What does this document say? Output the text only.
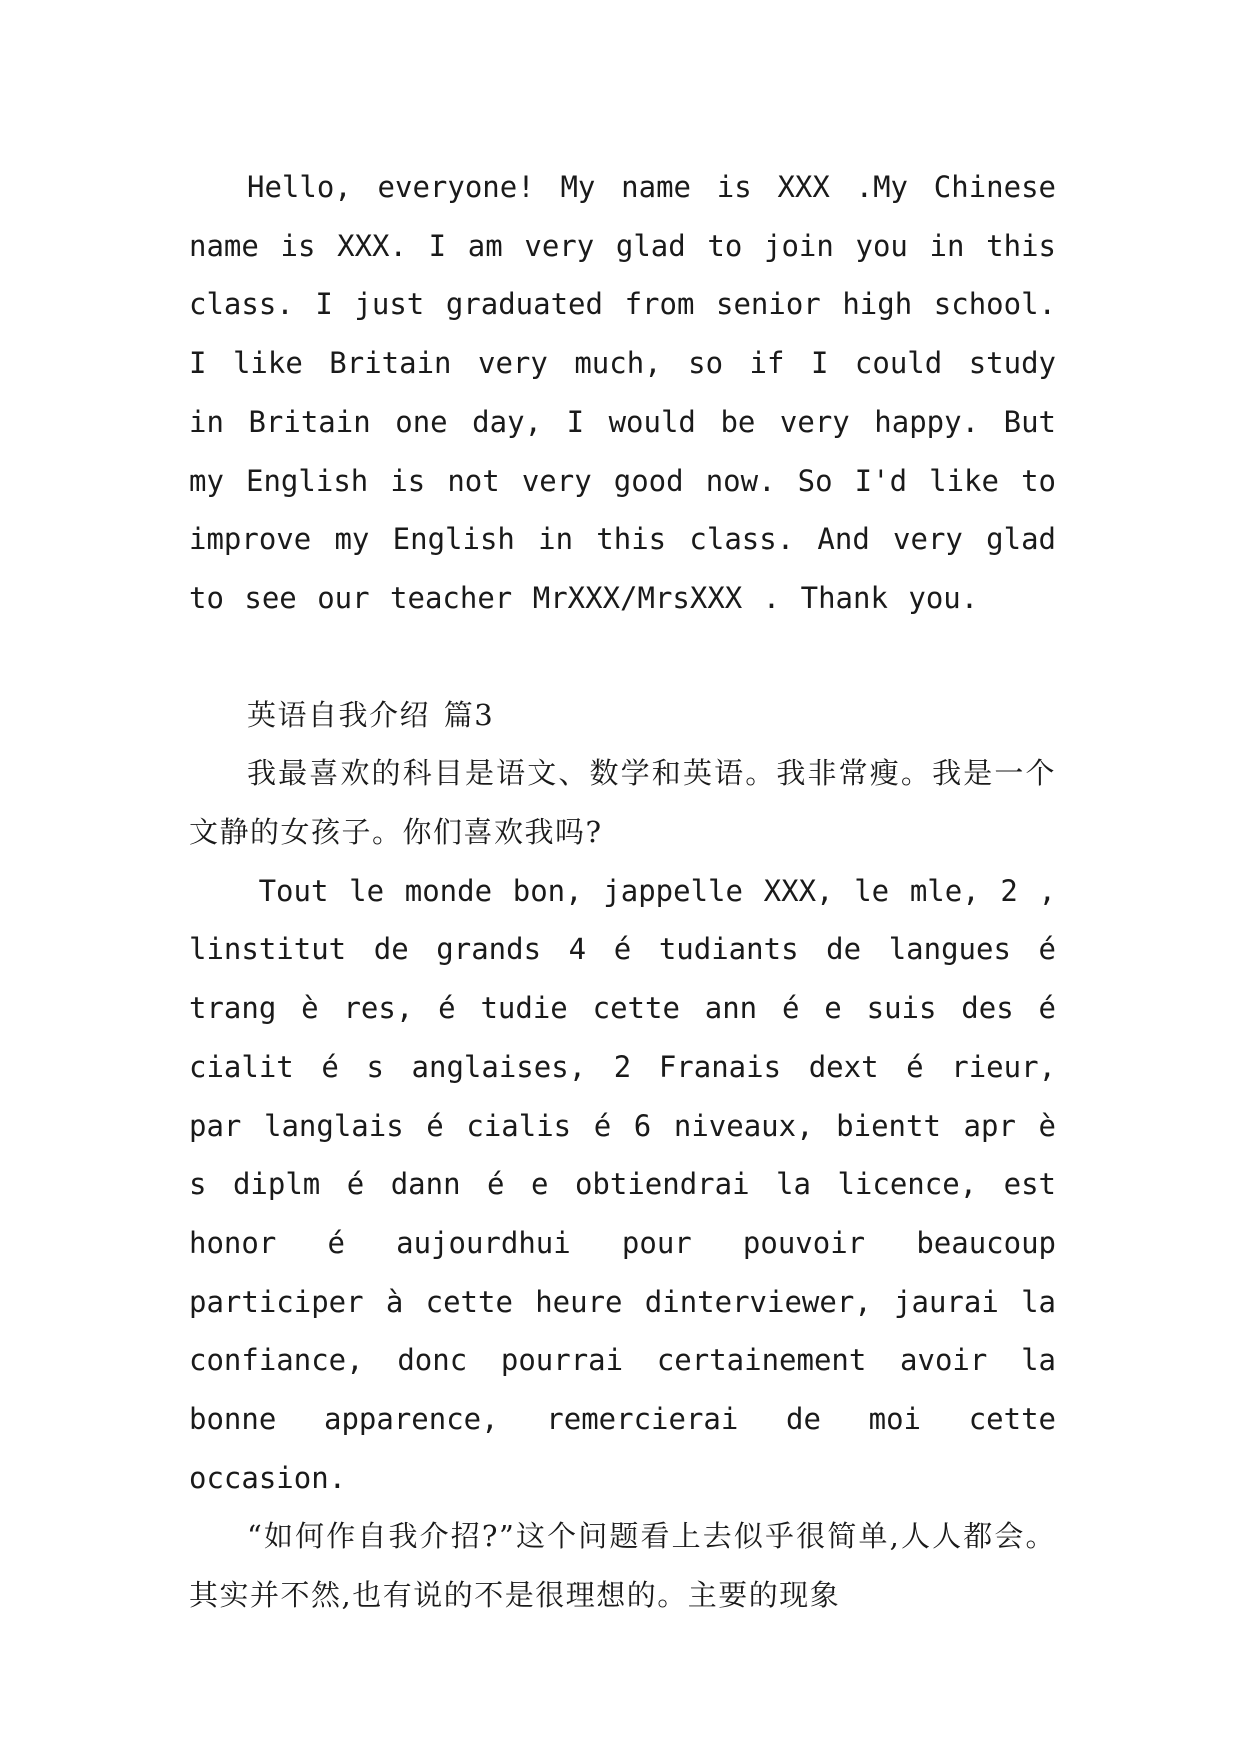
Hello, everyone! My name is XXX .My Chinese name is XXX. I am very glad to join you in this class. I just graduated from senior high school. I like Britain very much, so if I could study in Britain one day, I would be very happy. But my English is not very good now. So I'd like to improve my English in this class. And very glad to see our teacher MrXXX/MrsXXX . Thank you.

英语自我介绍 篇3

我最喜欢的科目是语文、数学和英语。我非常瘦。我是一个文静的女孩子。你们喜欢我吗?

Tout le monde bon, jappelle XXX, le mle, 2 , linstitut de grands 4 é tudiants de langues é trang è res, é tudie cette ann é e suis des é cialit é s anglaises, 2 Franais dext é rieur, par langlais é cialis é 6 niveaux, bientt apr è s diplm é dann é e obtiendrai la licence, est honor é aujourdhui pour pouvoir beaucoup participer à cette heure dinterviewer, jaurai la confiance, donc pourrai certainement avoir la bonne apparence, remercierai de moi cette occasion.

“如何作自我介招?”这个问题看上去似乎很简单,人人都会。其实并不然,也有说的不是很理想的。主要的现象
